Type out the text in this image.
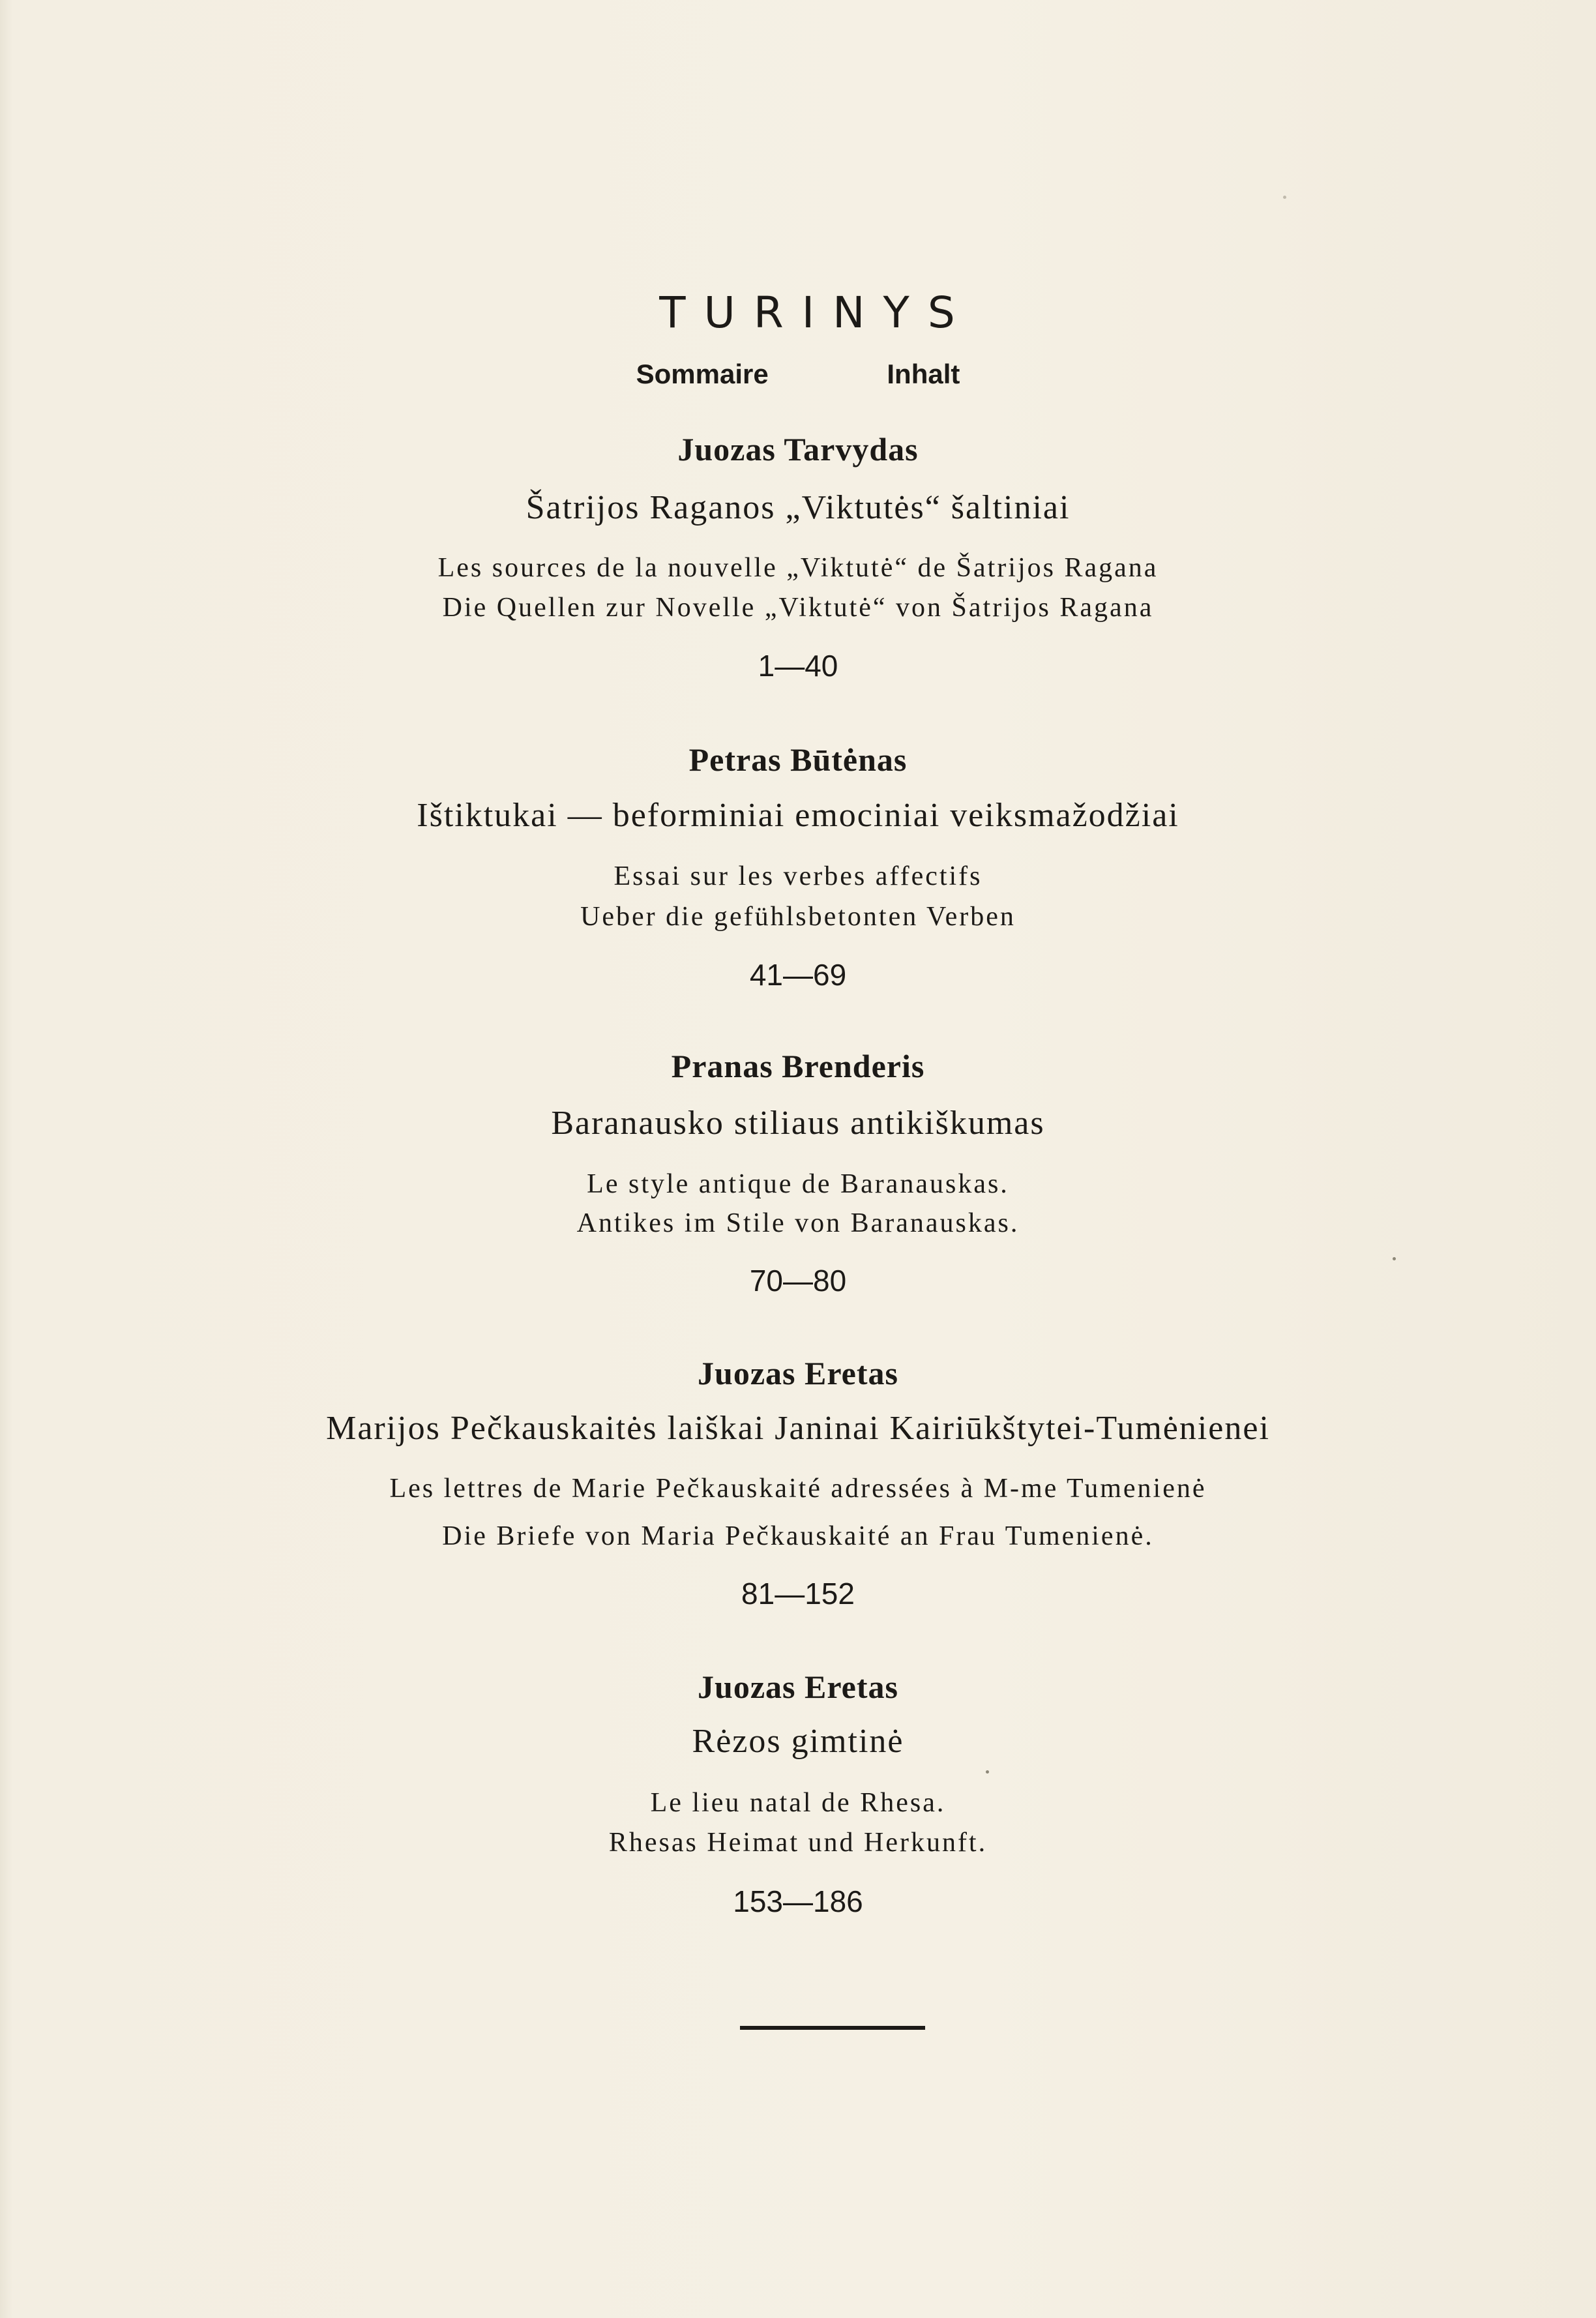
TURINYS
Sommaire	Inhalt
Juozas Tarvydas
Šatrijos Raganos „Viktutės“ šaltiniai
Les sources de la nouvelle „Viktutė“ de Šatrijos Ragana
Die Quellen zur Novelle „Viktutė“ von Šatrijos Ragana
1—40
Petras Būtėnas
Ištiktukai — beforminiai emociniai veiksmažodžiai
Essai sur les verbes affectifs
Ueber die gefühlsbetonten Verben
41—69
Pranas Brenderis
Baranausko stiliaus antikiškumas
Le style antique de Baranauskas.
Antikes im Stile von Baranauskas.
70—80
Juozas Eretas
Marijos Pečkauskaitės laiškai Janinai Kairiūkštytei-Tumėnienei
Les lettres de Marie Pečkauskaité adressées à M-me Tumenienė
Die Briefe von Maria Pečkauskaité an Frau Tumenienė.
81—152
Juozas Eretas
Rėzos gimtinė
Le lieu natal de Rhesa.
Rhesas Heimat und Herkunft.
153—186
